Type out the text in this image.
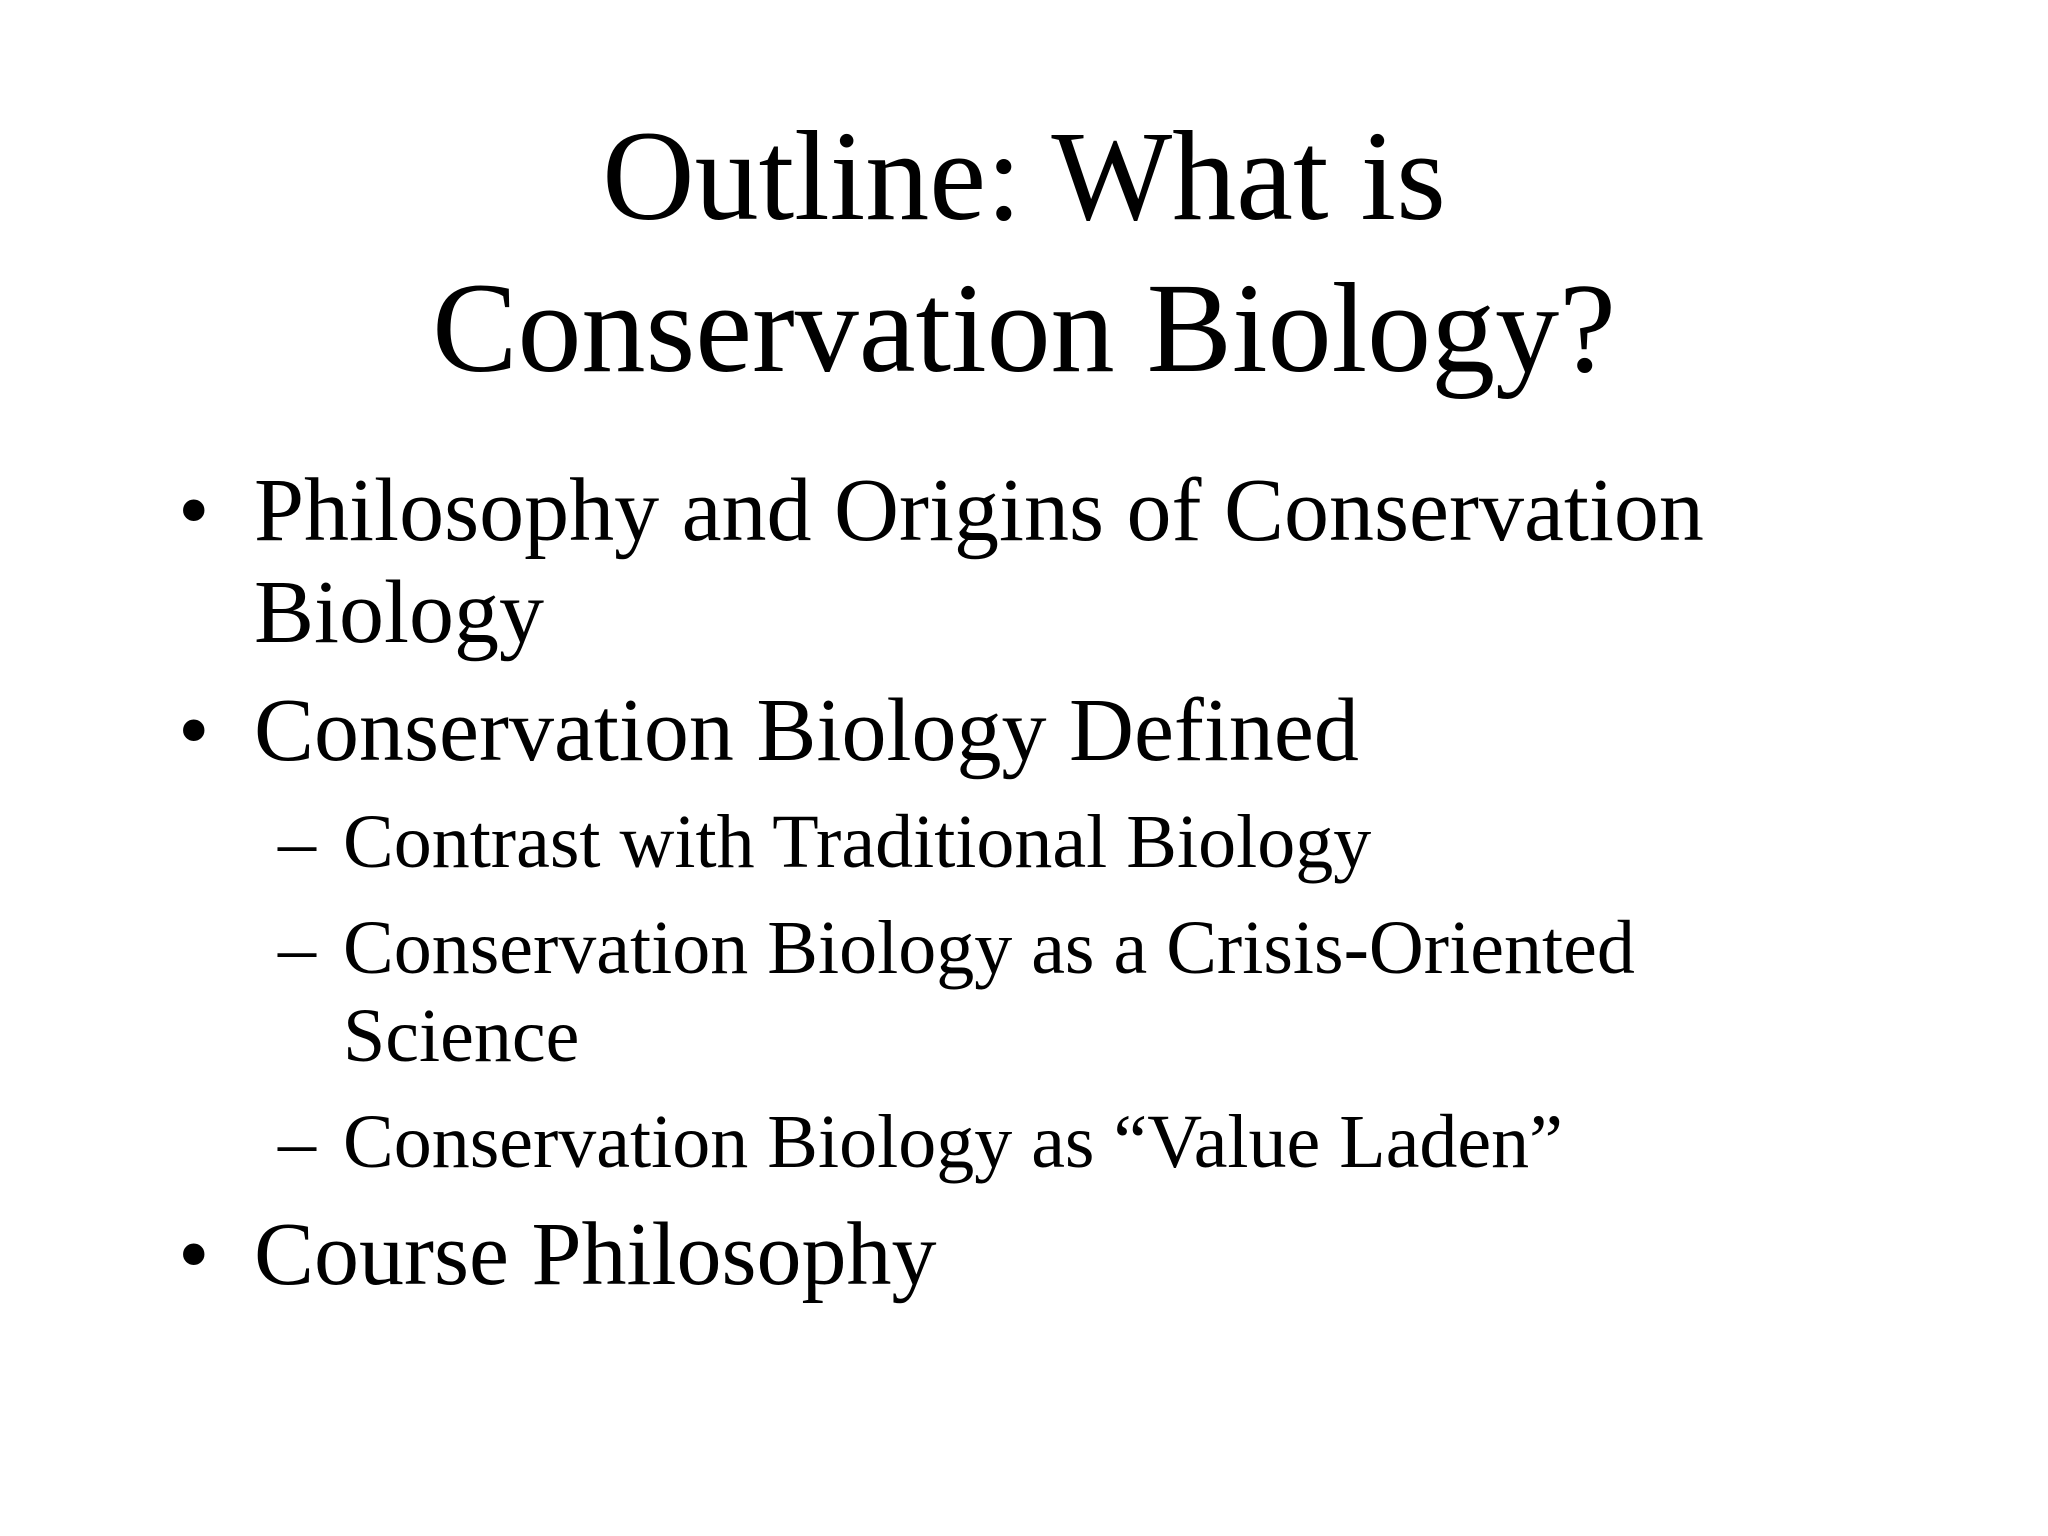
Outline: What is
Conservation Biology?
• Philosophy and Origins of Conservation Biology
• Conservation Biology Defined
– Contrast with Traditional Biology
– Conservation Biology as a Crisis-Oriented Science
– Conservation Biology as “Value Laden”
• Course Philosophy
